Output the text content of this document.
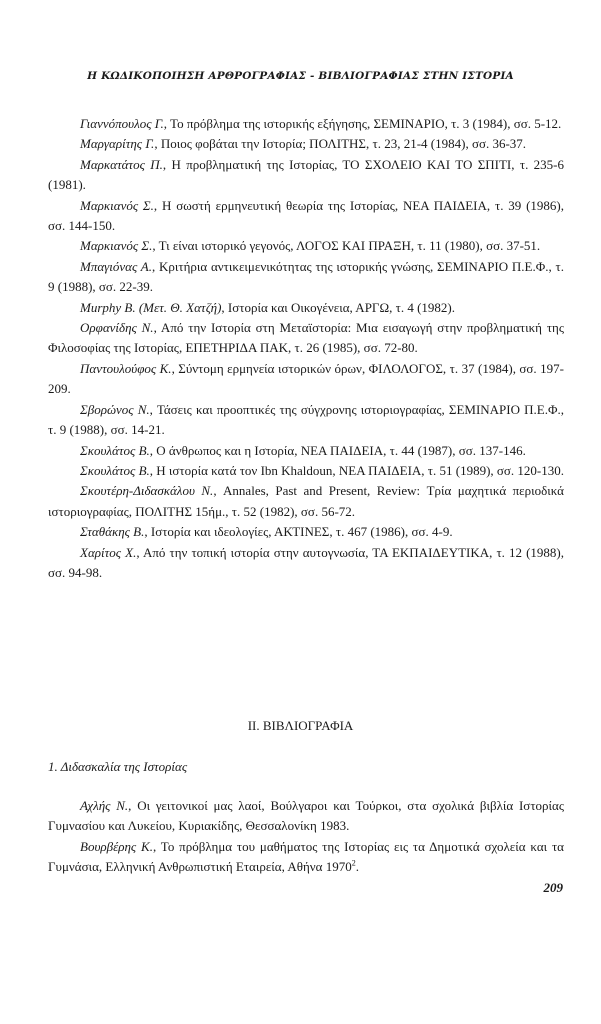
Η ΚΩΔΙΚΟΠΟΙΗΣΗ ΑΡΘΡΟΓΡΑΦΙΑΣ - ΒΙΒΛΙΟΓΡΑΦΙΑΣ ΣΤΗΝ ΙΣΤΟΡΙΑ

Γιαννόπουλος Γ., Το πρόβλημα της ιστορικής εξήγησης, ΣΕΜΙΝΑΡΙΟ, τ. 3 (1984), σσ. 5-12.

Μαργαρίτης Γ., Ποιος φοβάται την Ιστορία; ΠΟΛΙΤΗΣ, τ. 23, 21-4 (1984), σσ. 36-37.

Μαρκατάτος Π., Η προβληματική της Ιστορίας, ΤΟ ΣΧΟΛΕΙΟ ΚΑΙ ΤΟ ΣΠΙΤΙ, τ. 235-6 (1981).

Μαρκιανός Σ., Η σωστή ερμηνευτική θεωρία της Ιστορίας, ΝΕΑ ΠΑΙΔΕΙΑ, τ. 39 (1986), σσ. 144-150.

Μαρκιανός Σ., Τι είναι ιστορικό γεγονός, ΛΟΓΟΣ ΚΑΙ ΠΡΑΞΗ, τ. 11 (1980), σσ. 37-51.

Μπαγιόνας Α., Κριτήρια αντικειμενικότητας της ιστορικής γνώσης, ΣΕΜΙΝΑΡΙΟ Π.Ε.Φ., τ. 9 (1988), σσ. 22-39.

Murphy B. (Μετ. Θ. Χατζή), Ιστορία και Οικογένεια, ΑΡΓΩ, τ. 4 (1982).

Ορφανίδης Ν., Από την Ιστορία στη Μεταϊστορία: Μια εισαγωγή στην προβληματική της Φιλοσοφίας της Ιστορίας, ΕΠΕΤΗΡΙΔΑ ΠΑΚ, τ. 26 (1985), σσ. 72-80.

Παντουλούφος Κ., Σύντομη ερμηνεία ιστορικών όρων, ΦΙΛΟΛΟΓΟΣ, τ. 37 (1984), σσ. 197-209.

Σβορώνος Ν., Τάσεις και προοπτικές της σύγχρονης ιστοριογραφίας, ΣΕΜΙΝΑΡΙΟ Π.Ε.Φ., τ. 9 (1988), σσ. 14-21.

Σκουλάτος Β., Ο άνθρωπος και η Ιστορία, ΝΕΑ ΠΑΙΔΕΙΑ, τ. 44 (1987), σσ. 137-146.

Σκουλάτος Β., Η ιστορία κατά τον Ibn Khaldoun, ΝΕΑ ΠΑΙΔΕΙΑ, τ. 51 (1989), σσ. 120-130.

Σκουτέρη-Διδασκάλου Ν., Annales, Past and Present, Review: Τρία μαχητικά περιοδικά ιστοριογραφίας, ΠΟΛΙΤΗΣ 15ήμ., τ. 52 (1982), σσ. 56-72.

Σταθάκης Β., Ιστορία και ιδεολογίες, ΑΚΤΙΝΕΣ, τ. 467 (1986), σσ. 4-9.

Χαρίτος Χ., Από την τοπική ιστορία στην αυτογνωσία, ΤΑ ΕΚΠΑΙΔΕΥΤΙΚΑ, τ. 12 (1988), σσ. 94-98.

ΙΙ. ΒΙΒΛΙΟΓΡΑΦΙΑ
1. Διδασκαλία της Ιστορίας

Αχλής Ν., Οι γειτονικοί μας λαοί, Βούλγαροι και Τούρκοι, στα σχολικά βιβλία Ιστορίας Γυμνασίου και Λυκείου, Κυριακίδης, Θεσσαλονίκη 1983.

Βουρβέρης Κ., Το πρόβλημα του μαθήματος της Ιστορίας εις τα Δημοτικά σχολεία και τα Γυμνάσια, Ελληνική Ανθρωπιστική Εταιρεία, Αθήνα 1970$^2$.

209
